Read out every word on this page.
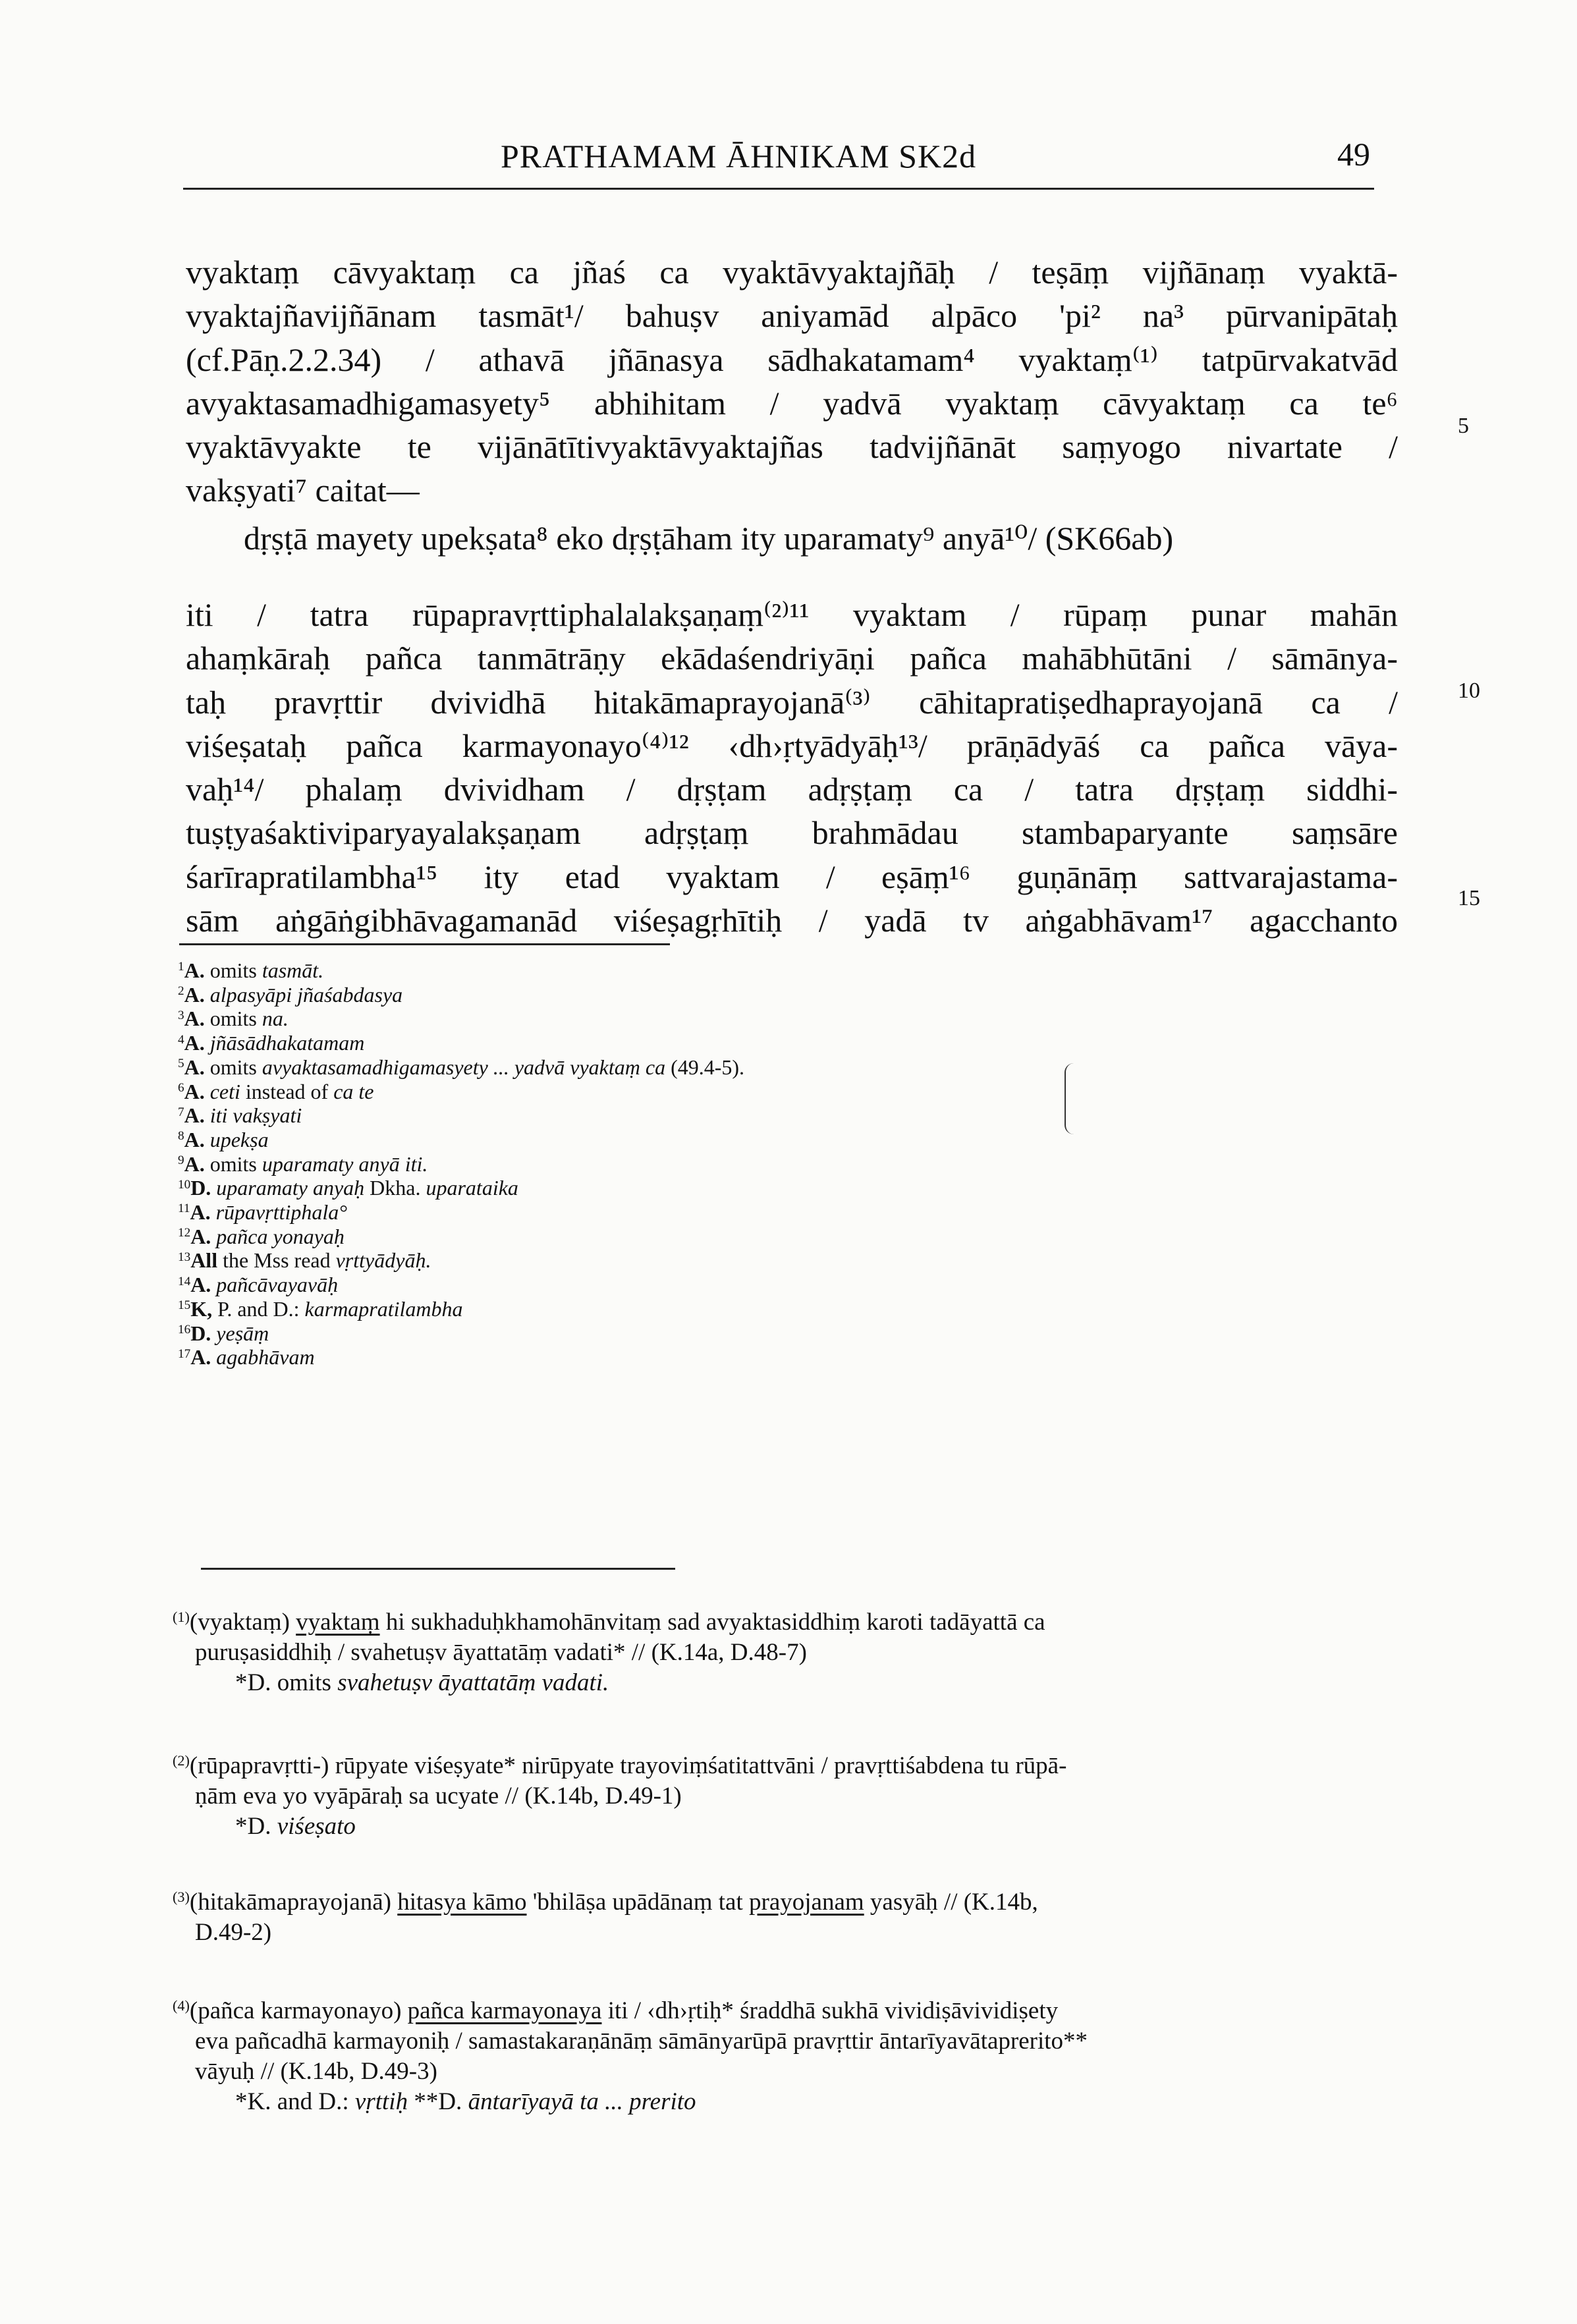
PRATHAMAM ĀHNIKAM SK2d	49
vyaktaṃ cāvyaktaṃ ca jñaś ca vyaktāvyaktajñāḥ / teṣāṃ vijñānaṃ vyaktā-
vyaktajñavijñānam tasmāt¹/ bahuṣv aniyamād alpāco 'pi² na³ pūrvanipātaḥ
(cf.Pāṇ.2.2.34) / athavā jñānasya sādhakatamam⁴ vyaktaṃ⁽¹⁾ tatpūrvakatvād
avyaktasamadhigamasyety⁵ abhihitam / yadvā vyaktaṃ cāvyaktaṃ ca te⁶
vyaktāvyakte te vijānātītivyaktāvyaktajñas tadvijñānāt saṃyogo nivartate /
vakṣyati⁷ caitat—
dṛṣṭā mayety upekṣata⁸ eko dṛṣṭāham ity uparamaty⁹ anyā¹⁰/ (SK66ab)
iti / tatra rūpapravṛttiphalalakṣaṇaṃ⁽²⁾¹¹ vyaktam / rūpaṃ punar mahān
ahaṃkāraḥ pañca tanmātrāṇy ekādaśendriyāṇi pañca mahābhūtāni / sāmānya-
taḥ pravṛttir dvividhā hitakāmaprayojanā⁽³⁾ cāhitapratiṣedhaprayojanā ca /
viśeṣataḥ pañca karmayonayo⁽⁴⁾¹² ‹dh›ṛtyādyāḥ¹³/ prāṇādyāś ca pañca vāya-
vaḥ¹⁴/ phalaṃ dvividham / dṛṣṭam adṛṣṭaṃ ca / tatra dṛṣṭaṃ siddhi-
tuṣṭyaśaktiviparyayalakṣaṇam adṛṣṭaṃ brahmādau stambaparyante saṃsāre
śarīrapratilambha¹⁵ ity etad vyaktam / eṣāṃ¹⁶ guṇānāṃ sattvarajastama-
sām aṅgāṅgibhāvagamanād viśeṣagṛhītiḥ / yadā tv aṅgabhāvam¹⁷ agacchanto
5
10
15
$^1$A. omits tasmāt.
$^2$A. alpasyāpi jñaśabdasya
$^3$A. omits na.
$^4$A. jñāsādhakatamam
$^5$A. omits avyaktasamadhigamasyety ... yadvā vyaktaṃ ca (49.4-5).
$^6$A. ceti instead of ca te
$^7$A. iti vakṣyati
$^8$A. upekṣa
$^9$A. omits uparamaty anyā iti.
$^{10}$D. uparamaty anyaḥ Dkha. uparataika
$^{11}$A. rūpavṛttiphala°
$^{12}$A. pañca yonayaḥ
$^{13}$All the Mss read vṛttyādyāḥ.
$^{14}$A. pañcāvayavāḥ
$^{15}$K, P. and D.: karmapratilambha
$^{16}$D. yeṣāṃ
$^{17}$A. agabhāvam
$^{(1)}$(vyaktaṃ) vyaktaṃ hi sukhaduḥkhamohānvitaṃ sad avyaktasiddhiṃ karoti tadāyattā ca
puruṣasiddhiḥ / svahetuṣv āyattatāṃ vadati* // (K.14a, D.48-7)
*D. omits svahetuṣv āyattatāṃ vadati.
$^{(2)}$(rūpapravṛtti-) rūpyate viśeṣyate* nirūpyate trayoviṃśatitattvāni / pravṛttiśabdena tu rūpā-
ṇām eva yo vyāpāraḥ sa ucyate // (K.14b, D.49-1)
*D. viśeṣato
$^{(3)}$(hitakāmaprayojanā) hitasya kāmo 'bhilāṣa upādānaṃ tat prayojanam yasyāḥ // (K.14b,
D.49-2)
$^{(4)}$(pañca karmayonayo) pañca karmayonaya iti / ‹dh›ṛtiḥ* śraddhā sukhā vividiṣāvividiṣety
eva pañcadhā karmayoniḥ / samastakaraṇānāṃ sāmānyarūpā pravṛttir āntarīyavātaprerito**
vāyuḥ // (K.14b, D.49-3)
*K. and D.: vṛttiḥ **D. āntarīyayā ta ... prerito
